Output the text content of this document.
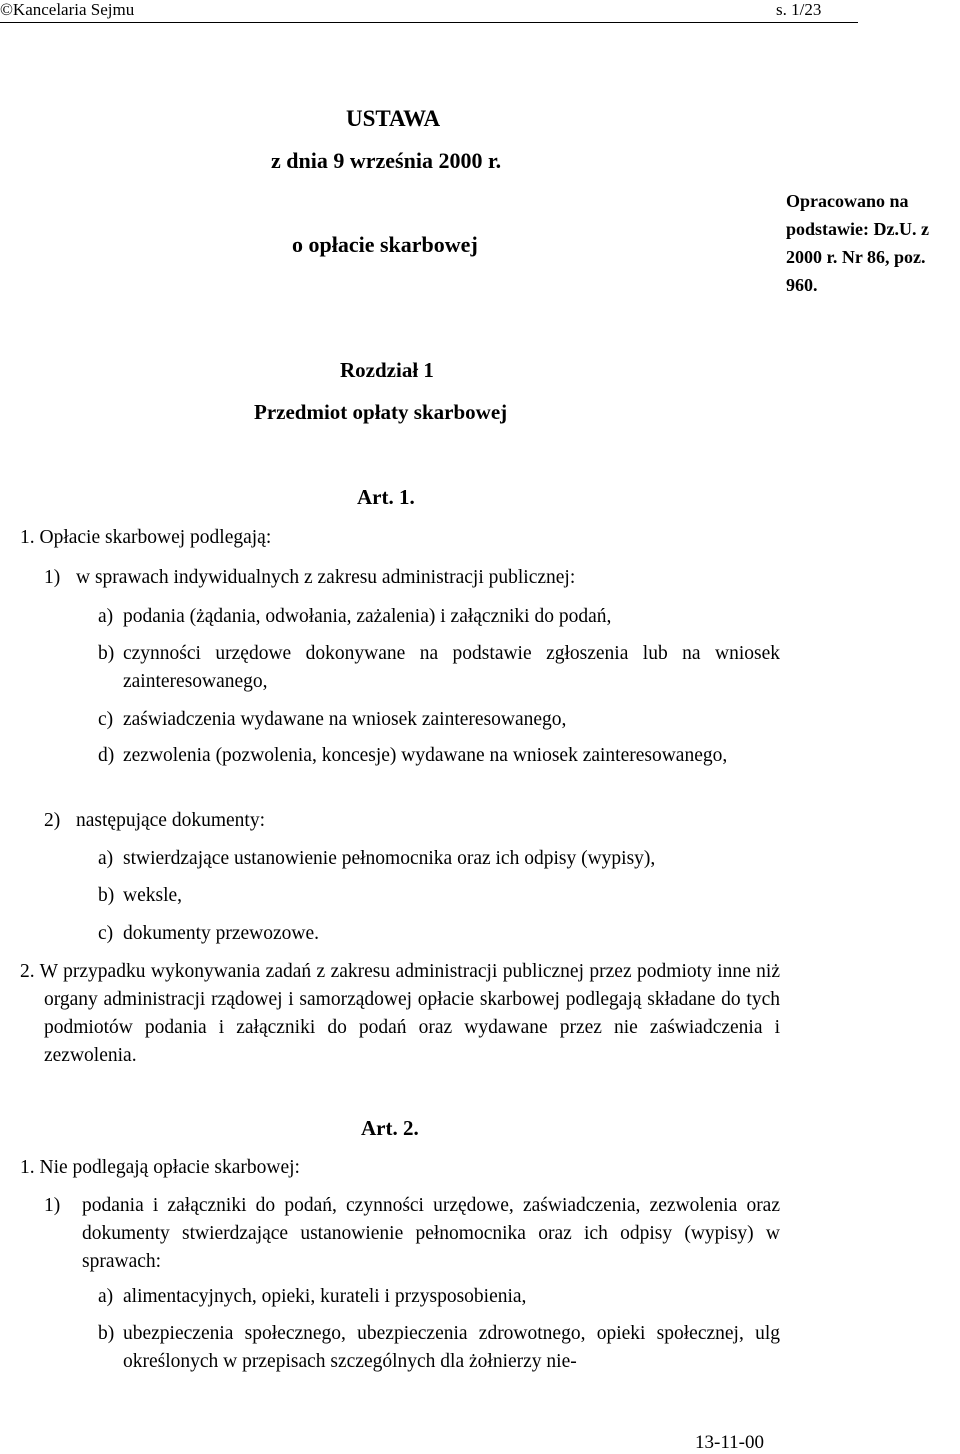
©Kancelaria Sejmu	s. 1/23
USTAWA
z dnia 9 września 2000 r.
o opłacie skarbowej
Opracowano na podstawie: Dz.U. z 2000 r. Nr 86, poz. 960.
Rozdział 1
Przedmiot opłaty skarbowej
Art. 1.
1. Opłacie skarbowej podlegają:
1) w sprawach indywidualnych z zakresu administracji publicznej:
a) podania (żądania, odwołania, zażalenia) i załączniki do podań,
b) czynności urzędowe dokonywane na podstawie zgłoszenia lub na wniosek zainteresowanego,
c) zaświadczenia wydawane na wniosek zainteresowanego,
d) zezwolenia (pozwolenia, koncesje) wydawane na wniosek zainteresowanego,
2) następujące dokumenty:
a) stwierdzające ustanowienie pełnomocnika oraz ich odpisy (wypisy),
b) weksle,
c) dokumenty przewozowe.
2. W przypadku wykonywania zadań z zakresu administracji publicznej przez podmioty inne niż organy administracji rządowej i samorządowej opłacie skarbowej podlegają składane do tych podmiotów podania i załączniki do podań oraz wydawane przez nie zaświadczenia i zezwolenia.
Art. 2.
1. Nie podlegają opłacie skarbowej:
1) podania i załączniki do podań, czynności urzędowe, zaświadczenia, zezwolenia oraz dokumenty stwierdzające ustanowienie pełnomocnika oraz ich odpisy (wypisy) w sprawach:
a) alimentacyjnych, opieki, kurateli i przysposobienia,
b) ubezpieczenia społecznego, ubezpieczenia zdrowotnego, opieki społecznej, ulg określonych w przepisach szczególnych dla żołnierzy nie-
13-11-00
